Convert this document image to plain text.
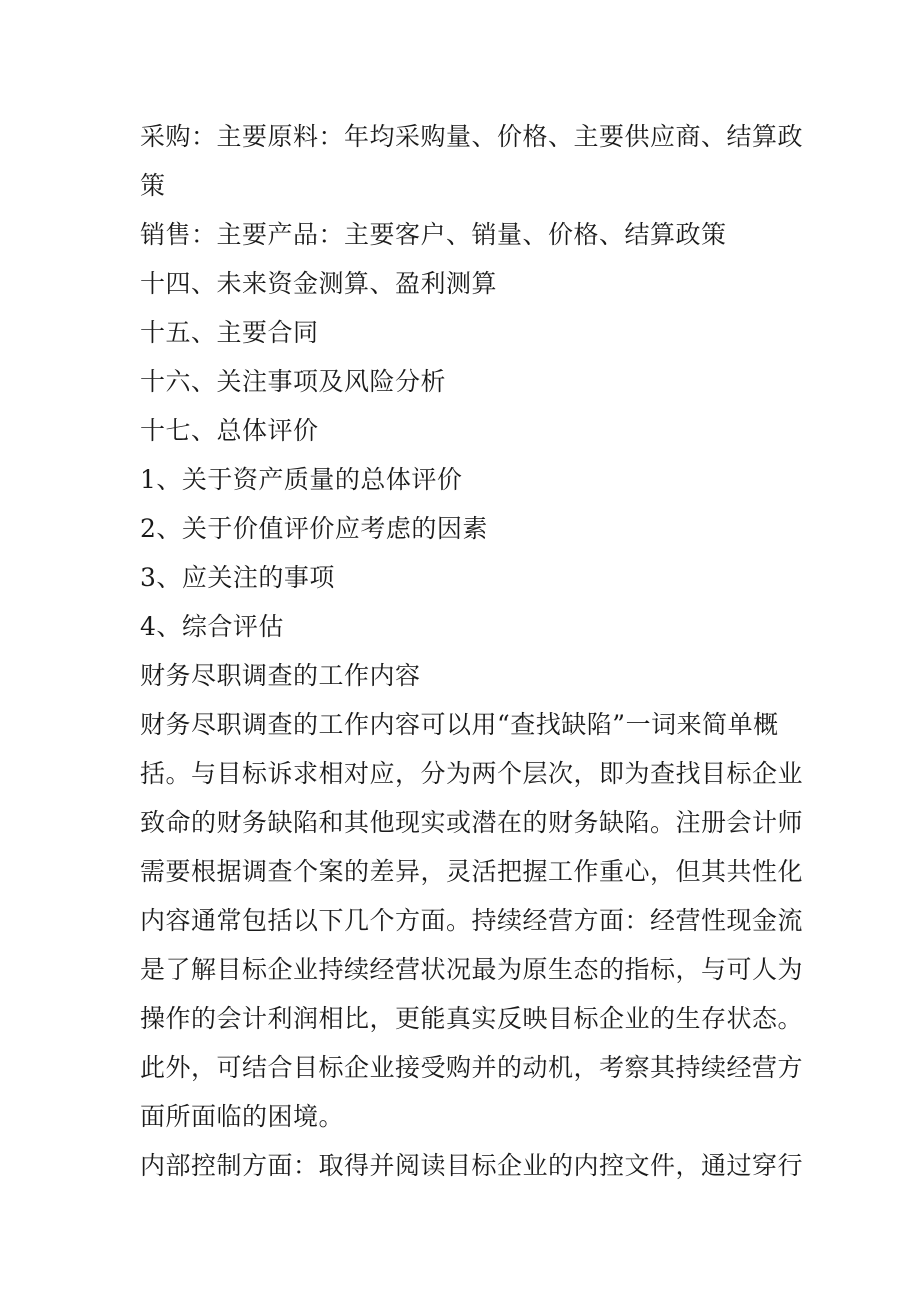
采购：主要原料：年均采购量、价格、主要供应商、结算政
策
销售：主要产品：主要客户、销量、价格、结算政策
十四、未来资金测算、盈利测算
十五、主要合同
十六、关注事项及风险分析
十七、总体评价
1、关于资产质量的总体评价
2、关于价值评价应考虑的因素
3、应关注的事项
4、综合评估
财务尽职调查的工作内容
财务尽职调查的工作内容可以用“查找缺陷”一词来简单概
括。与目标诉求相对应，分为两个层次，即为查找目标企业
致命的财务缺陷和其他现实或潜在的财务缺陷。注册会计师
需要根据调查个案的差异，灵活把握工作重心，但其共性化
内容通常包括以下几个方面。持续经营方面：经营性现金流
是了解目标企业持续经营状况最为原生态的指标，与可人为
操作的会计利润相比，更能真实反映目标企业的生存状态。
此外，可结合目标企业接受购并的动机，考察其持续经营方
面所面临的困境。
内部控制方面：取得并阅读目标企业的内控文件，通过穿行
